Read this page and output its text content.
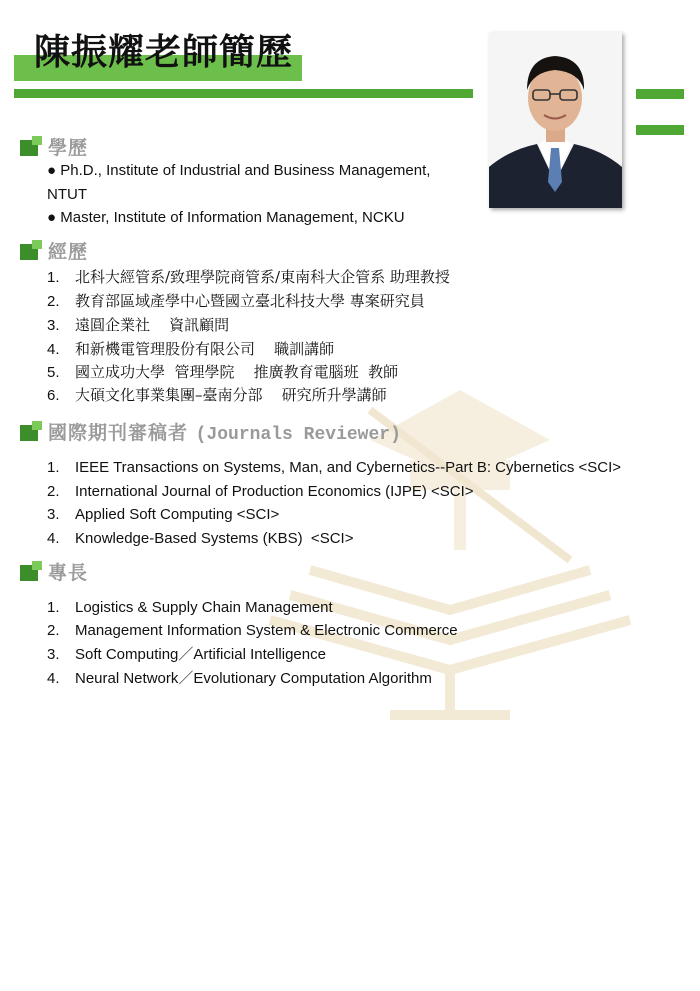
陳振耀老師簡歷
學歷
● Ph.D., Institute of Industrial and Business Management,
NTUT
● Master, Institute of Information Management, NCKU
經歷
1. 北科大經管系/致理學院商管系/東南科大企管系 助理教授
2. 教育部區域產學中心暨國立臺北科技大學 專案研究員
3. 遠圓企業社    資訊顧問
4. 和新機電管理股份有限公司    職訓講師
5. 國立成功大學  管理學院    推廣教育電腦班  教師
6. 大碩文化事業集團–臺南分部    研究所升學講師
國際期刊審稿者 (Journals Reviewer)
1. IEEE Transactions on Systems, Man, and Cybernetics--Part B: Cybernetics <SCI>
2. International Journal of Production Economics (IJPE) <SCI>
3. Applied Soft Computing <SCI>
4. Knowledge-Based Systems (KBS)  <SCI>
專長
1. Logistics & Supply Chain Management
2. Management Information System & Electronic Commerce
3. Soft Computing／Artificial Intelligence
4. Neural Network／Evolutionary Computation Algorithm
